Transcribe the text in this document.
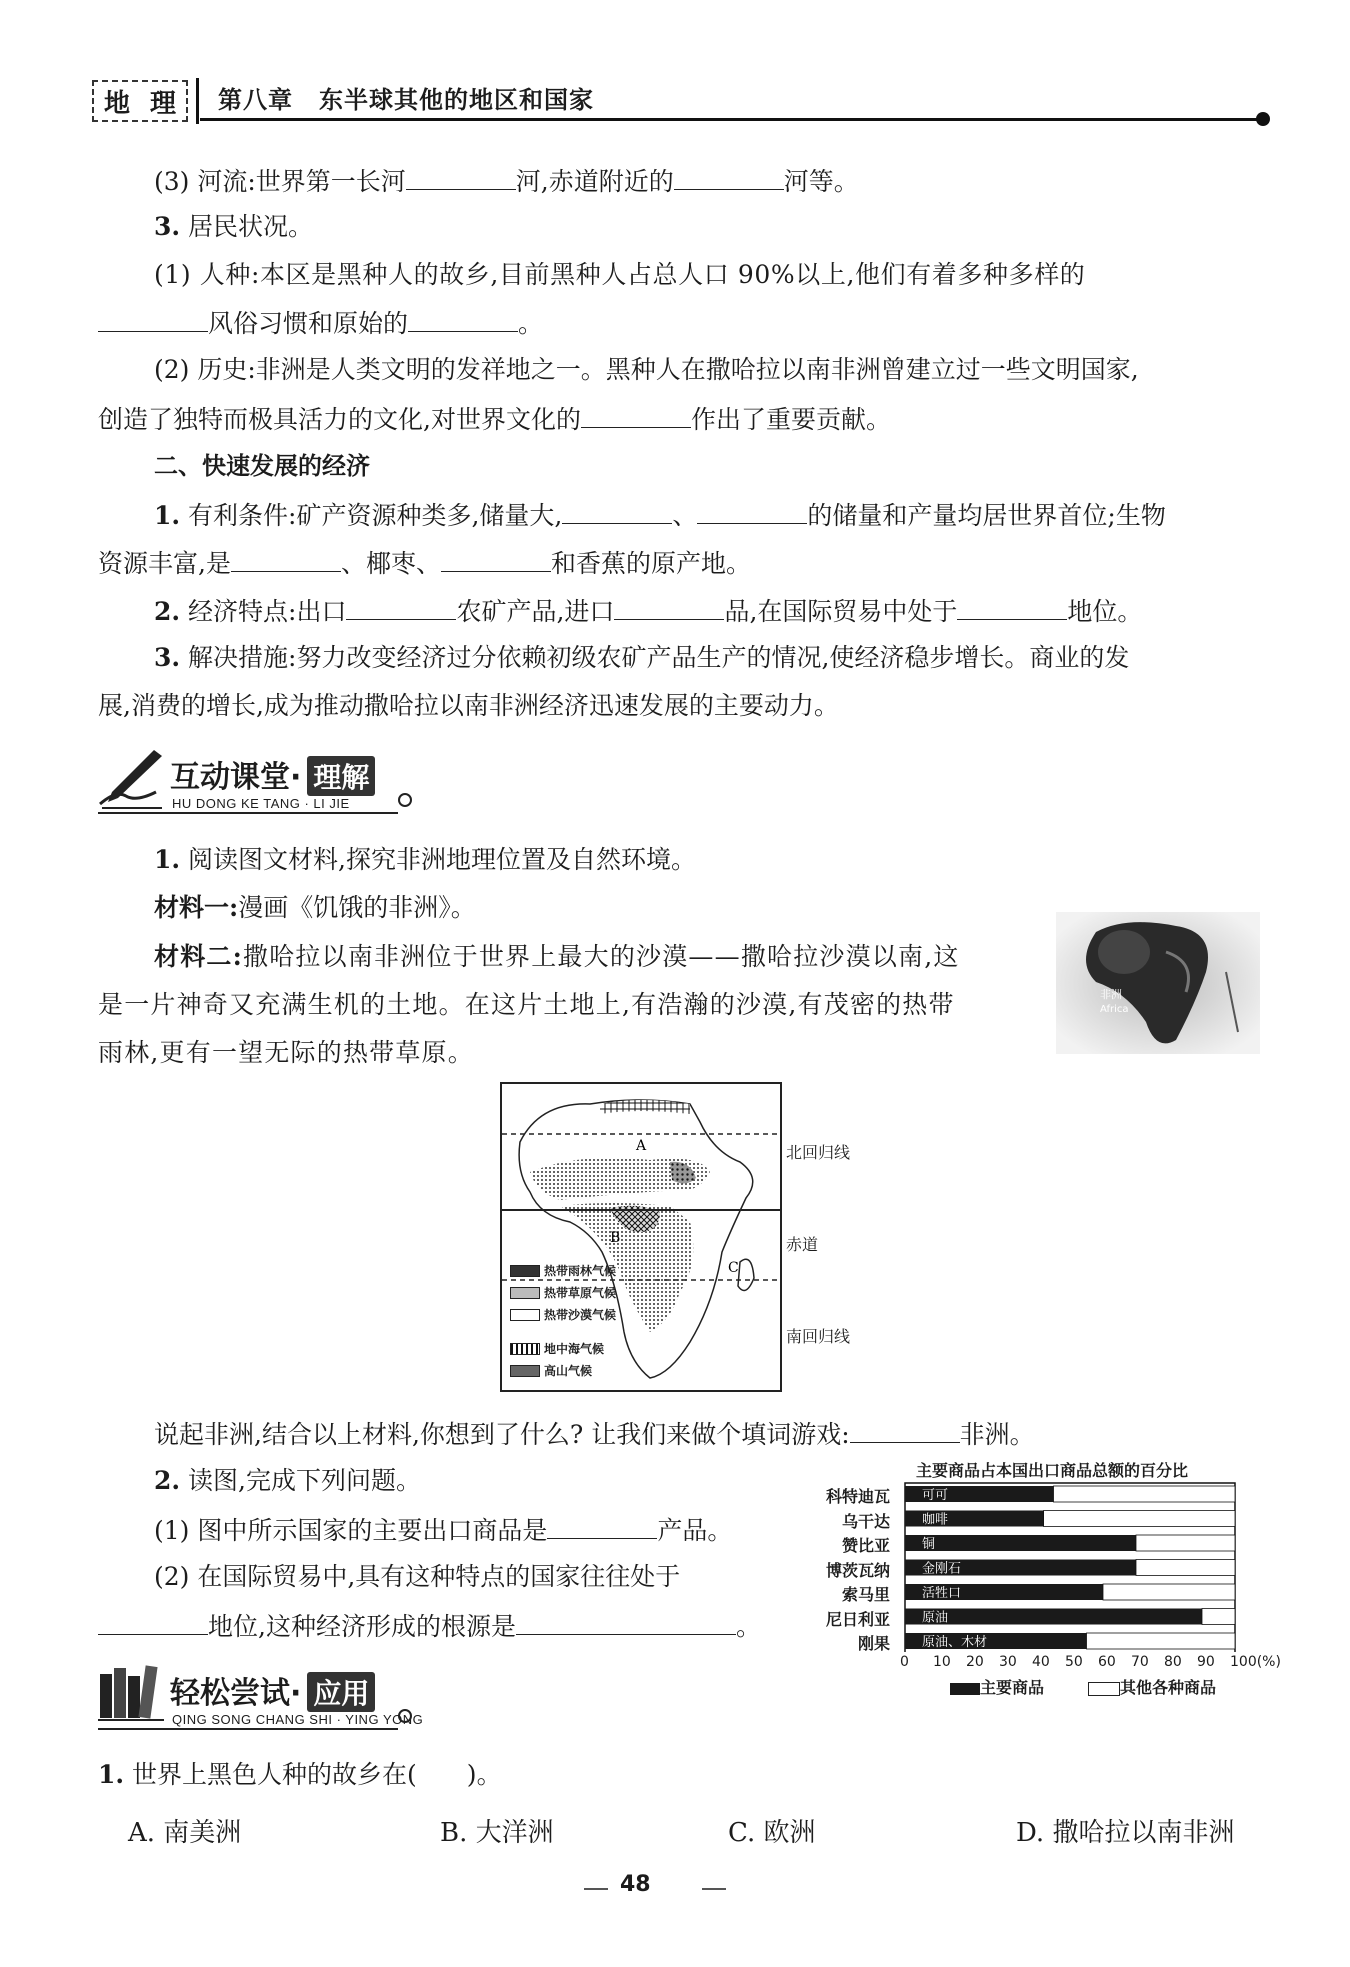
地 理 第八章 东半球其他的地区和国家
(3) 河流:世界第一长河	河,赤道附近的	河等。
3. 居民状况。
(1) 人种:本区是黑种人的故乡,目前黑种人占总人口 90%以上,他们有着多种多样的
风俗习惯和原始的	。
(2) 历史:非洲是人类文明的发祥地之一。黑种人在撒哈拉以南非洲曾建立过一些文明国家,
创造了独特而极具活力的文化,对世界文化的	作出了重要贡献。
二、快速发展的经济
1. 有利条件:矿产资源种类多,储量大,	、	的储量和产量均居世界首位;生物
资源丰富,是	、椰枣、	和香蕉的原产地。
2. 经济特点:出口	农矿产品,进口	品,在国际贸易中处于	地位。
3. 解决措施:努力改变经济过分依赖初级农矿产品生产的情况,使经济稳步增长。商业的发
展,消费的增长,成为推动撒哈拉以南非洲经济迅速发展的主要动力。
互动课堂· 理解
HU DONG KE TANG · LI JIE
1. 阅读图文材料,探究非洲地理位置及自然环境。
材料一:漫画《饥饿的非洲》。
材料二:撒哈拉以南非洲位于世界上最大的沙漠——撒哈拉沙漠以南,这
是一片神奇又充满生机的土地。在这片土地上,有浩瀚的沙漠,有茂密的热带
雨林,更有一望无际的热带草原。
非洲
Africa
A
B
C
北回归线
赤道
南回归线
热带雨林气候
热带草原气候
热带沙漠气候
地中海气候
高山气候
说起非洲,结合以上材料,你想到了什么? 让我们来做个填词游戏:	非洲。
2. 读图,完成下列问题。
(1) 图中所示国家的主要出口商品是	产品。
(2) 在国际贸易中,具有这种特点的国家往往处于
地位,这种经济形成的根源是	。
主要商品占本国出口商品总额的百分比
可可
咖啡
铜
金刚石
活牲口
原油
原油、木材
科特迪瓦
乌干达
赞比亚
博茨瓦纳
索马里
尼日利亚
刚果
0 10 20 30 40 50 60 70 80 90 100(%)
主要商品	其他各种商品
轻松尝试· 应用
QING SONG CHANG SHI · YING YONG
1. 世界上黑色人种的故乡在(　　)。
A. 南美洲	B. 大洋洲	C. 欧洲	D. 撒哈拉以南非洲
48
